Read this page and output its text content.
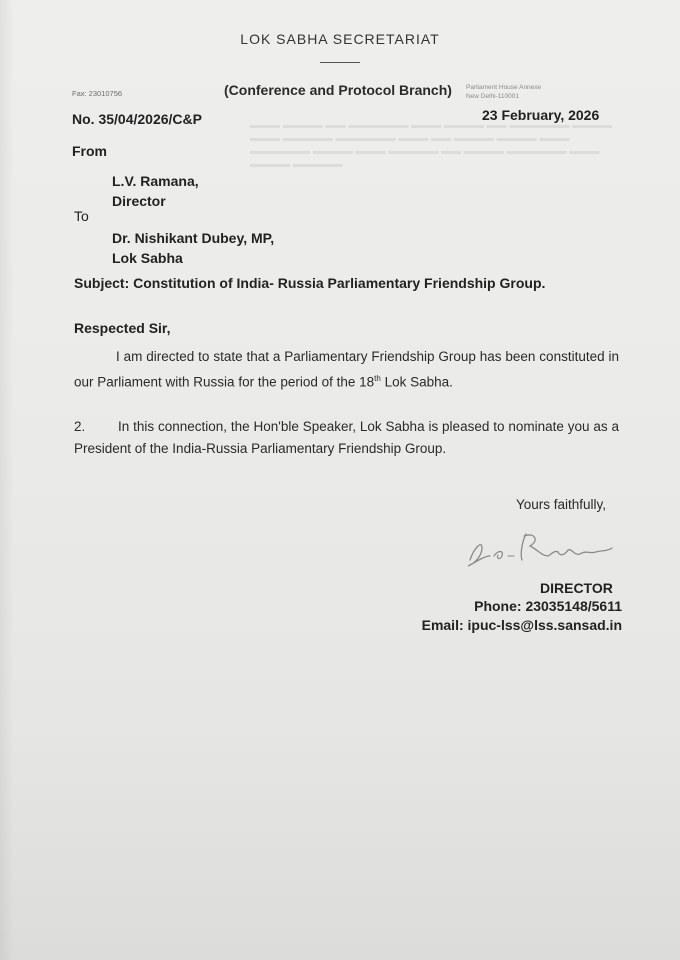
▬▬▬ ▬▬▬▬ ▬▬ ▬▬▬▬▬▬ ▬▬▬ ▬▬▬▬ ▬▬ ▬▬▬▬▬▬ ▬▬▬▬ ▬▬▬ ▬▬▬▬▬ ▬▬▬▬▬▬ ▬▬▬ ▬▬ ▬▬▬▬ ▬▬▬▬ ▬▬▬ ▬▬▬▬▬▬ ▬▬▬▬ ▬▬▬ ▬▬▬▬▬ ▬▬ ▬▬▬▬ ▬▬▬▬▬▬ ▬▬▬ ▬▬▬▬ ▬▬▬▬▬
LOK SABHA SECRETARIAT
Fax: 23010756	(Conference and Protocol Branch) Parliament House Annexe
New Delhi-110001
No. 35/04/2026/C&P	23 February, 2026
From
L.V. Ramana,
Director
To
Dr. Nishikant Dubey, MP,
Lok Sabha
Subject: Constitution of India- Russia Parliamentary Friendship Group.
Respected Sir,
I am directed to state that a Parliamentary Friendship Group has been constituted in our Parliament with Russia for the period of the 18th Lok Sabha.
2. In this connection, the Hon'ble Speaker, Lok Sabha is pleased to nominate you as a President of the India-Russia Parliamentary Friendship Group.
Yours faithfully,
DIRECTOR
Phone: 23035148/5611
Email: ipuc-lss@lss.sansad.in
